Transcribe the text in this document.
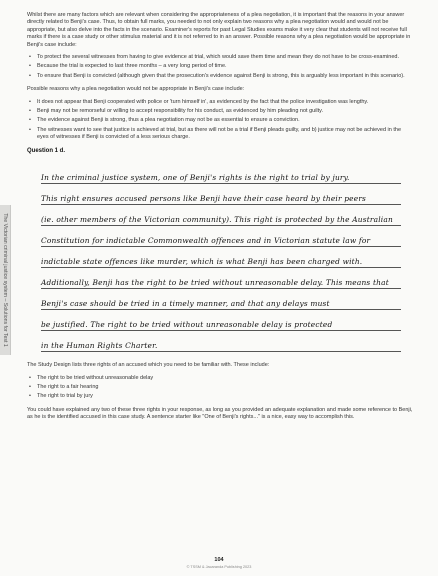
The Victorian criminal justice system – Solutions for Test 1

Whilst there are many factors which are relevant when considering the appropriateness of a plea negotiation, it is important that the reasons in your answer directly related to Benji's case. Thus, to obtain full marks, you needed to not only explain two reasons why a plea negotiation would and would not be appropriate, but also delve into the facts in the scenario. Examiner's reports for past Legal Studies exams make it very clear that students will not receive full marks if there is a case study or other stimulus material and it is not referred to in an answer. Possible reasons why a plea negotiation would be appropriate in Benji's case include:

• To protect the several witnesses from having to give evidence at trial, which would save them time and mean they do not have to be cross-examined.
• Because the trial is expected to last three months – a very long period of time.
• To ensure that Benji is convicted (although given that the prosecution's evidence against Benji is strong, this is arguably less important in this scenario).

Possible reasons why a plea negotiation would not be appropriate in Benji's case include:

• It does not appear that Benji cooperated with police or 'turn himself in', as evidenced by the fact that the police investigation was lengthy.
• Benji may not be remorseful or willing to accept responsibility for his conduct, as evidenced by him pleading not guilty.
• The evidence against Benji is strong, thus a plea negotiation may not be as essential to ensure a conviction.
• The witnesses want to see that justice is achieved at trial, but as there will not be a trial if Benji pleads guilty, and b) justice may not be achieved in the eyes of witnesses if Benji is convicted of a less serious charge.
Question 1 d.
In the criminal justice system, one of Benji's rights is the right to trial by jury.
This right ensures accused persons like Benji have their case heard by their peers
(ie. other members of the Victorian community). This right is protected by the Australian
Constitution for indictable Commonwealth offences and in Victorian statute law for
indictable state offences like murder, which is what Benji has been charged with.
Additionally, Benji has the right to be tried without unreasonable delay. This means that
Benji's case should be tried in a timely manner, and that any delays must
be justified. The right to be tried without unreasonable delay is protected
in the Human Rights Charter.

The Study Design lists three rights of an accused which you need to be familiar with. These include:

• The right to be tried without unreasonable delay
• The right to a fair hearing
• The right to trial by jury

You could have explained any two of these three rights in your response, as long as you provided an adequate explanation and made some reference to Benji, as he is the identified accused in this case study. A sentence starter like "One of Benji's rights..." is a nice, easy way to accomplish this.

104
© TSSM & Jacaranda Publishing 2023
